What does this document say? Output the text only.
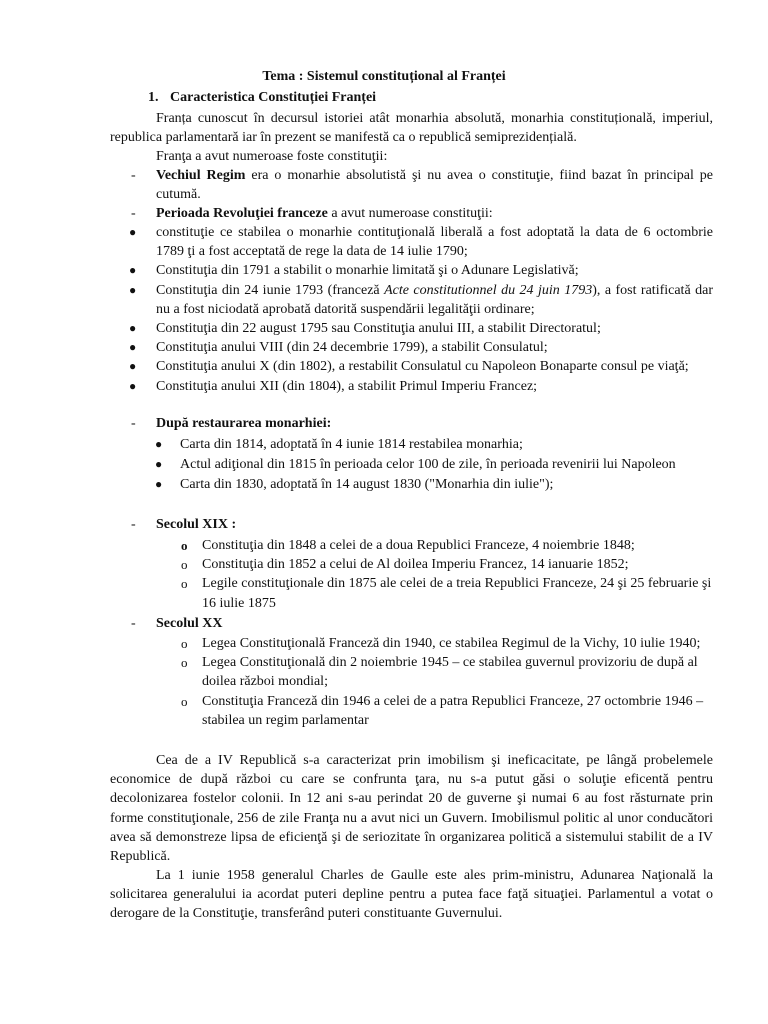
Tema : Sistemul constituțional al Franței
1. Caracteristica Constituției Franței

Franța cunoscut în decursul istoriei atât monarhia absolută, monarhia constituțională, imperiul, republica parlamentară iar în prezent se manifestă ca o republică semiprezidențială.

Franţa a avut numeroase foste constituţii:

- Vechiul Regim era o monarhie absolutistă şi nu avea o constituţie, fiind bazat în principal pe cutumă.
- Perioada Revoluţiei franceze a avut numeroase constituţii:
● constituţie ce stabilea o monarhie contituţională liberală a fost adoptată la data de 6 octombrie 1789 ţi a fost acceptată de rege la data de 14 iulie 1790;
● Constituţia din 1791 a stabilit o monarhie limitată şi o Adunare Legislativă;
● Constituţia din 24 iunie 1793 (franceză Acte constitutionnel du 24 juin 1793), a fost ratificată dar nu a fost niciodată aprobată datorită suspendării legalităţii ordinare;
● Constituţia din 22 august 1795 sau Constituţia anului III, a stabilit Directoratul;
● Constituţia anului VIII (din 24 decembrie 1799), a stabilit Consulatul;
● Constituţia anului X (din 1802), a restabilit Consulatul cu Napoleon Bonaparte consul pe viaţă;
● Constituţia anului XII (din 1804), a stabilit Primul Imperiu Francez;
- După restaurarea monarhiei:
● Carta din 1814, adoptată în 4 iunie 1814 restabilea monarhia;
● Actul adiţional din 1815 în perioada celor 100 de zile, în perioada revenirii lui Napoleon
● Carta din 1830, adoptată în 14 august 1830 ("Monarhia din iulie");
- Secolul XIX :
o Constituţia din 1848 a celei de a doua Republici Franceze, 4 noiembrie 1848;
o Constituţia din 1852 a celui de Al doilea Imperiu Francez, 14 ianuarie 1852;
o Legile constituţionale din 1875 ale celei de a treia Republici Franceze, 24 şi 25 februarie şi 16 iulie 1875
- Secolul XX
o Legea Constituţională Franceză din 1940, ce stabilea Regimul de la Vichy, 10 iulie 1940;
o Legea Constituţională din 2 noiembrie 1945 – ce stabilea guvernul provizoriu de după al doilea război mondial;
o Constituţia Franceză din 1946 a celei de a patra Republici Franceze, 27 octombrie 1946 – stabilea un regim parlamentar

Cea de a IV Republică s-a caracterizat prin imobilism şi ineficacitate, pe lângă probelemele economice de după război cu care se confrunta ţara, nu s-a putut găsi o soluţie eficentă pentru decolonizarea fostelor colonii. In 12 ani s-au perindat 20 de guverne şi numai 6 au fost răsturnate prin forme constituţionale, 256 de zile Franţa nu a avut nici un Guvern. Imobilismul politic al unor conducători avea să demonstreze lipsa de eficienţă şi de seriozitate în organizarea politică a sistemului stabilit de a IV Republică.

La 1 iunie 1958 generalul Charles de Gaulle este ales prim-ministru, Adunarea Naţională la solicitarea generalului ia acordat puteri depline pentru a putea face faţă situaţiei. Parlamentul a votat o derogare de la Constituţie, transferând puteri constituante Guvernului.
